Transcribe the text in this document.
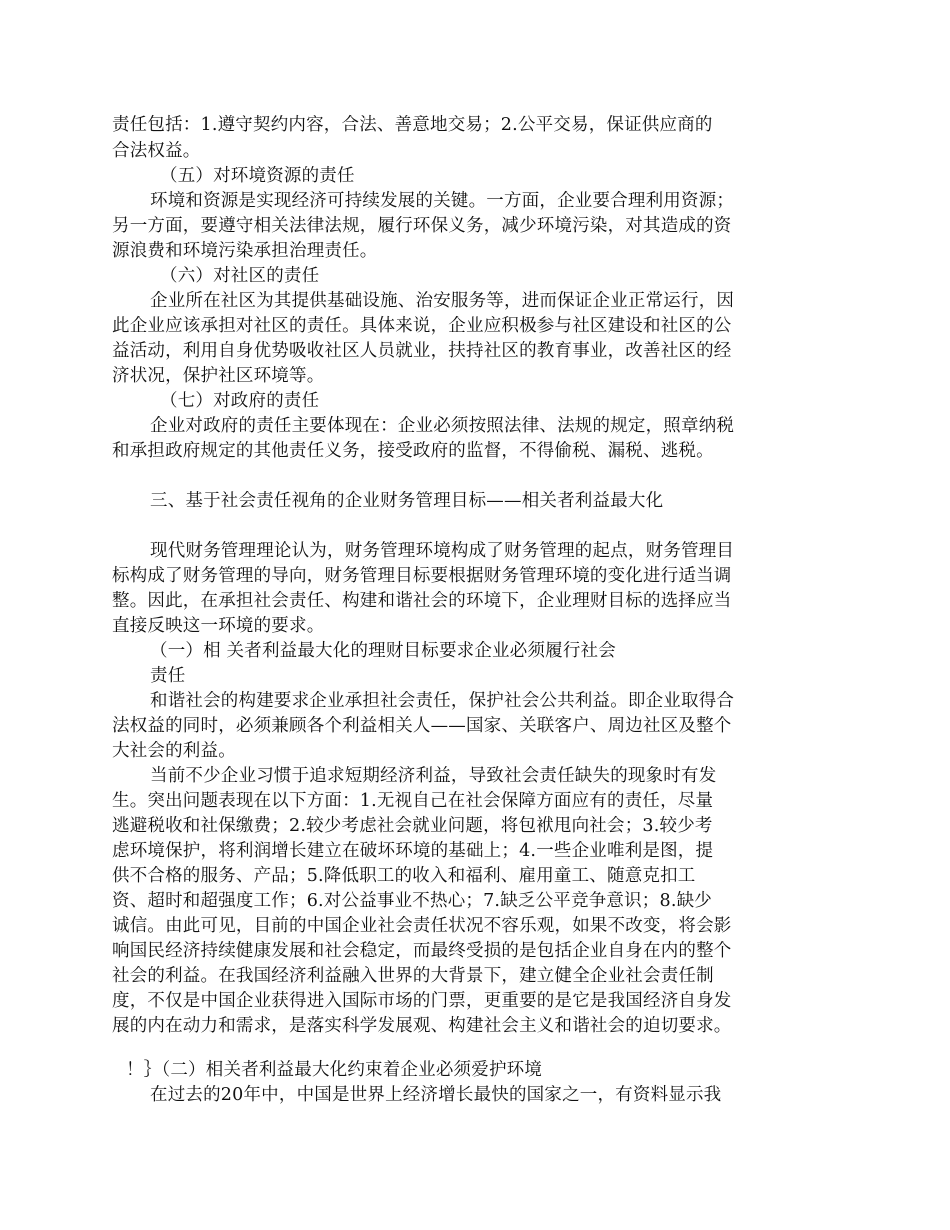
责任包括：1.遵守契约内容，合法、善意地交易；2.公平交易，保证供应商的
合法权益。
（五）对环境资源的责任
环境和资源是实现经济可持续发展的关键。一方面，企业要合理利用资源；
另一方面，要遵守相关法律法规，履行环保义务，减少环境污染，对其造成的资
源浪费和环境污染承担治理责任。
（六）对社区的责任
企业所在社区为其提供基础设施、治安服务等，进而保证企业正常运行，因
此企业应该承担对社区的责任。具体来说，企业应积极参与社区建设和社区的公
益活动，利用自身优势吸收社区人员就业，扶持社区的教育事业，改善社区的经
济状况，保护社区环境等。
（七）对政府的责任
企业对政府的责任主要体现在：企业必须按照法律、法规的规定，照章纳税
和承担政府规定的其他责任义务，接受政府的监督，不得偷税、漏税、逃税。
三、基于社会责任视角的企业财务管理目标——相关者利益最大化
现代财务管理理论认为，财务管理环境构成了财务管理的起点，财务管理目
标构成了财务管理的导向，财务管理目标要根据财务管理环境的变化进行适当调
整。因此，在承担社会责任、构建和谐社会的环境下，企业理财目标的选择应当
直接反映这一环境的要求。
（一）相 关者利益最大化的理财目标要求企业必须履行社会
责任
和谐社会的构建要求企业承担社会责任，保护社会公共利益。即企业取得合
法权益的同时，必须兼顾各个利益相关人——国家、关联客户、周边社区及整个
大社会的利益。
当前不少企业习惯于追求短期经济利益，导致社会责任缺失的现象时有发
生。突出问题表现在以下方面：1.无视自己在社会保障方面应有的责任，尽量
逃避税收和社保缴费；2.较少考虑社会就业问题，将包袱甩向社会；3.较少考
虑环境保护，将利润增长建立在破坏环境的基础上；4.一些企业唯利是图，提
供不合格的服务、产品；5.降低职工的收入和福利、雇用童工、随意克扣工
资、超时和超强度工作；6.对公益事业不热心；7.缺乏公平竞争意识；8.缺少
诚信。由此可见，目前的中国企业社会责任状况不容乐观，如果不改变，将会影
响国民经济持续健康发展和社会稳定，而最终受损的是包括企业自身在内的整个
社会的利益。在我国经济利益融入世界的大背景下，建立健全企业社会责任制
度，不仅是中国企业获得进入国际市场的门票，更重要的是它是我国经济自身发
展的内在动力和需求，是落实科学发展观、构建社会主义和谐社会的迫切要求。
！｝（二）相关者利益最大化约束着企业必须爱护环境
在过去的20年中，中国是世界上经济增长最快的国家之一，有资料显示我
